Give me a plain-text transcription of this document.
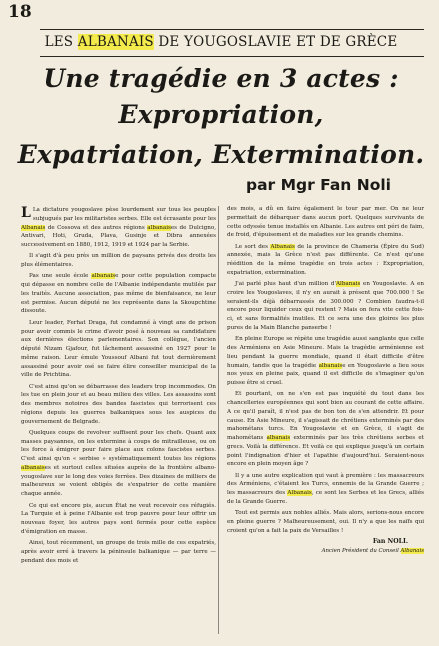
18
LES ALBANAIS DE YOUGOSLAVIE ET DE GRÈCE
Une tragédie en 3 actes :
Expropriation,
Expatriation, Extermination.
par Mgr Fan Noli

L La dictature yougoslave pèse lourdement sur tous les peuples subjugués par les militaristes serbes. Elle est écrasante pour les Albanais de Cossova et des autres régions albanaises de Dulcigno, Antivari, Hoti, Gruda, Plava, Gusinje et Dibra annexées successivement en 1880, 1912, 1919 et 1924 par la Serbie.

Il s'agit d'à peu près un million de paysans privés des droits les plus élémentaires.

Pas une seule école albanaise pour cette population compacte qui dépasse en nombre celle de l'Albanie indépendante mutilée par les traités. Aucune association, pas même de bienfaisance, ne leur est permise. Aucun député ne les représente dans la Skoupchtine dissoute.

Leur leader, Ferhat Draga, fut condamné à vingt ans de prison pour avoir commis le crime d'avoir posé à nouveau sa candidature aux dernières élections parlementaires. Son collègue, l'ancien député Nizam Gjafour, fut lâchement assassiné en 1927 pour le même raison. Leur émule Youssouf Albani fut tout dernièrement assassiné pour avoir osé se faire élire conseiller municipal de la ville de Prichtina.

C'est ainsi qu'on se débarrasse des leaders trop incommodes. On les tue en plein jour et au beau milieu des villes. Les assassins sont des membres notoires des bandes fascistes qui terrorisent ces régions depuis les guerres balkaniques sous les auspices du gouvernement de Belgrade.

Quelques coups de revolver suffisent pour les chefs. Quant aux masses paysannes, on les extermine à coups de mitrailleuse, ou on les force à émigrer pour faire place aux colons fascistes serbes. C'est ainsi qu'on « serbise » systématiquement toutes les régions albanaises et surtout celles situées auprès de la frontière albano-yougoslave sur le long des voies ferrées. Des dizaines de milliers de malheureux se voient obligés de s'expatrier de cette manière chaque année.

Ce qui est encore pis, aucun État ne veut recevoir ces réfugiés. La Turquie et à peine l'Albanie est trop pauvre pour leur offrir un nouveau foyer, les autres pays sont fermés pour cette espèce d'émigration en masse.

Ainsi, tout récemment, un groupe de trois mille de ces expatriés, après avoir erré à travers la péninsule balkanique — par terre — pendant des mois et

des mois, a dû en faire également le tour par mer. On ne leur permettait de débarquer dans aucun port. Quelques survivants de cette odyssée tenue installés en Albanie. Les autres ont péri de faim, de froid, d'épuisement et de maladies sur les grands chemins.

Le sort des Albanais de la province de Chameria (Épire du Sud) annexée, mais la Grèce n'est pas différente. Ce n'est qu'une réédition de la même tragédie en trois actes : Expropriation, expatriation, extermination.

J'ai parlé plus haut d'un million d'Albanais en Yougoslavie. A en croire les Yougoslaves, il n'y en aurait à présent que 700.000 ! Se seraient-ils déjà débarrassés de 300.000 ? Combien faudra-t-il encore pour liquider ceux qui restent ? Mais on fera vite cette fois-ci, et sans formalités inutiles. Et ce sera une des gloires les plus pures de la Main Blanche panserbe !

En pleine Europe se répète une tragédie aussi sanglante que celle des Arméniens en Asie Mineure. Mais la tragédie arménienne est lieu pendant la guerre mondiale, quand il était difficile d'être humain, tandis que la tragédie albanaise en Yougoslavie a lieu sous nos yeux en pleine paix, quand il est difficile de s'imaginer qu'on puisse être si cruel.

Et pourtant, on ne s'en est pas inquiété du tout dans les chancelleries européennes qui sont bien au courant de cette affaire. A ce qu'il paraît, il n'est pas de bon ton de s'en attendrir. Et pour cause. En Asie Mineure, il s'agissait de chrétiens exterminés par des mahométans turcs. En Yougoslavie et en Grèce, il s'agit de mahométans albanais exterminés par les très chrétiens serbes et grecs. Voilà la différence. Et voilà ce qui explique jusqu'à un certain point l'indignation d'hier et l'apathie d'aujourd'hui. Seraient-nous encore en plein moyen âge ?

Il y a une autre explication qui vaut à première : les massacreurs des Arméniens, c'étaient les Turcs, ennemis de la Grande Guerre ; les massacreurs des Albanais, ce sont les Serbes et les Grecs, alliés de la Grande Guerre.

Tout est permis aux nobles alliés. Mais alors, serions-nous encore en pleine guerre ? Malheureusement, oui. Il n'y a que les naïfs qui croient qu'on a fait la paix de Versailles !

Fan NOLI.
Ancien Président du Conseil Albanais
